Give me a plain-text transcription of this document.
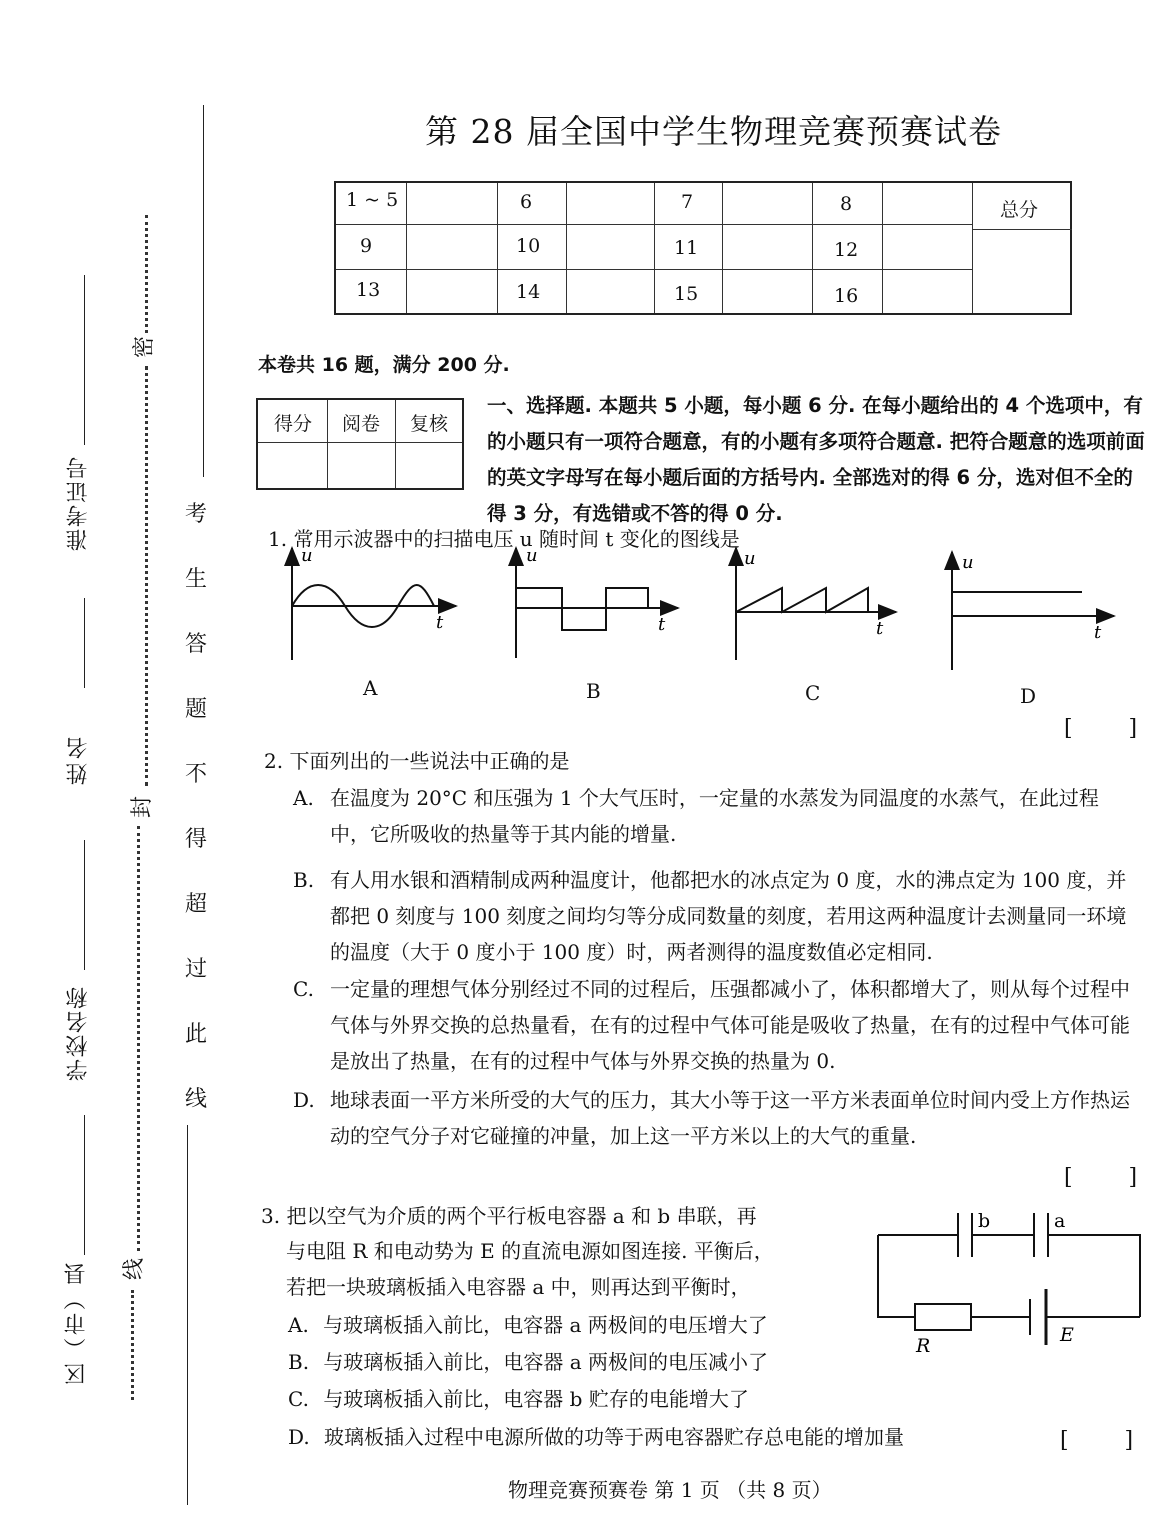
准考证号
姓名
学校名称
区（市）县
密
封
线
考
生
答
题
不
得
超
过
此
线
第 28 届全国中学生物理竞赛预赛试卷
1 ~ 5	6	7	8
9	10	11	12
13	14	15	16
总分
本卷共 16 题，满分 200 分.
得分	阅卷	复核
一、选择题. 本题共 5 小题，每小题 6 分. 在每小题给出的 4 个选项中，有的小题只有一项符合题意，有的小题有多项符合题意. 把符合题意的选项前面的英文字母写在每小题后面的方括号内. 全部选对的得 6 分，选对但不全的得 3 分，有选错或不答的得 0 分.
1. 常用示波器中的扫描电压 u 随时间 t 变化的图线是
u
t
u
t
u
t
u
t
A	B	C	D
[        ]
2. 下面列出的一些说法中正确的是
A. 在温度为 20°C 和压强为 1 个大气压时，一定量的水蒸发为同温度的水蒸气，在此过程中，它所吸收的热量等于其内能的增量.
B. 有人用水银和酒精制成两种温度计，他都把水的冰点定为 0 度，水的沸点定为 100 度，并都把 0 刻度与 100 刻度之间均匀等分成同数量的刻度，若用这两种温度计去测量同一环境的温度（大于 0 度小于 100 度）时，两者测得的温度数值必定相同.
C. 一定量的理想气体分别经过不同的过程后，压强都减小了，体积都增大了，则从每个过程中气体与外界交换的总热量看，在有的过程中气体可能是吸收了热量，在有的过程中气体可能是放出了热量，在有的过程中气体与外界交换的热量为 0.
D. 地球表面一平方米所受的大气的压力，其大小等于这一平方米表面单位时间内受上方作热运动的空气分子对它碰撞的冲量，加上这一平方米以上的大气的重量.
[        ]
3. 把以空气为介质的两个平行板电容器 a 和 b 串联，再
与电阻 R 和电动势为 E 的直流电源如图连接. 平衡后，
若把一块玻璃板插入电容器 a 中，则再达到平衡时，
A. 与玻璃板插入前比，电容器 a 两极间的电压增大了
B. 与玻璃板插入前比，电容器 a 两极间的电压减小了
C. 与玻璃板插入前比，电容器 b 贮存的电能增大了
D. 玻璃板插入过程中电源所做的功等于两电容器贮存总电能的增加量	[        ]
b	a
R	E
物理竞赛预赛卷 第 1 页 （共 8 页）
